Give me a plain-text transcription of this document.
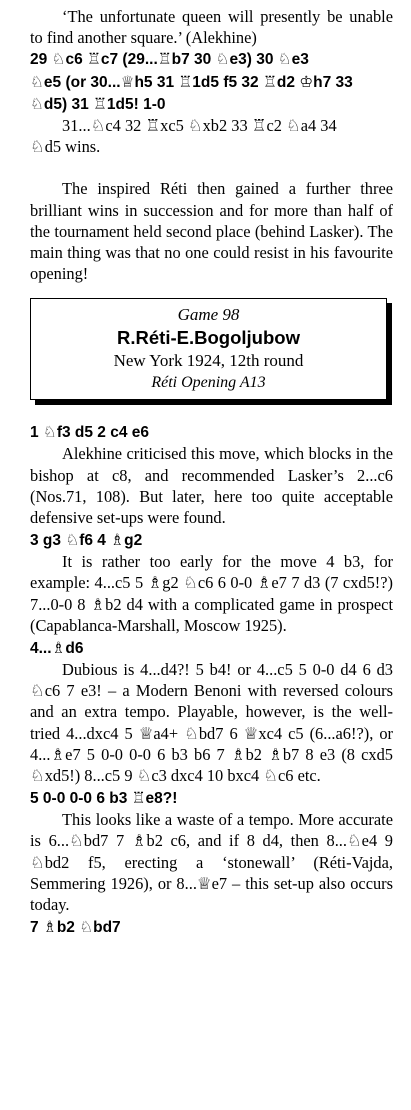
‘The unfortunate queen will presently be unable to find another square.’ (Alekhine)

29 ♘c6 ♖c7 (29...♖b7 30 ♘e3) 30 ♘e3
♘e5 (or 30...♕h5 31 ♖1d5 f5 32 ♖d2 ♔h7 33
♘d5) 31 ♖1d5! 1-0
31...♘c4 32 ♖xc5 ♘xb2 33 ♖c2 ♘a4 34
♘d5 wins.

The inspired Réti then gained a further three brilliant wins in succession and for more than half of the tournament held second place (behind Lasker). The main thing was that no one could resist in his favourite opening!

Game 98
R.Réti-E.Bogoljubow
New York 1924, 12th round
Réti Opening A13
1 ♘f3 d5 2 c4 e6

Alekhine criticised this move, which blocks in the bishop at c8, and recommended Lasker’s 2...c6 (Nos.71, 108). But later, here too quite acceptable defensive set-ups were found.

3 g3 ♘f6 4 ♗g2

It is rather too early for the move 4 b3, for example: 4...c5 5 ♗g2 ♘c6 6 0-0 ♗e7 7 d3 (7 cxd5!?) 7...0-0 8 ♗b2 d4 with a complicated game in prospect (Capablanca-Marshall, Moscow 1925).

4...♗d6

Dubious is 4...d4?! 5 b4! or 4...c5 5 0-0 d4 6 d3 ♘c6 7 e3! – a Modern Benoni with reversed colours and an extra tempo. Playable, however, is the well-tried 4...dxc4 5 ♕a4+ ♘bd7 6 ♕xc4 c5 (6...a6!?), or 4...♗e7 5 0-0 0-0 6 b3 b6 7 ♗b2 ♗b7 8 e3 (8 cxd5 ♘xd5!) 8...c5 9 ♘c3 dxc4 10 bxc4 ♘c6 etc.

5 0-0 0-0 6 b3 ♖e8?!

This looks like a waste of a tempo. More accurate is 6...♘bd7 7 ♗b2 c6, and if 8 d4, then 8...♘e4 9 ♘bd2 f5, erecting a ‘stonewall’ (Réti-Vajda, Semmering 1926), or 8...♕e7 – this set-up also occurs today.

7 ♗b2 ♘bd7
